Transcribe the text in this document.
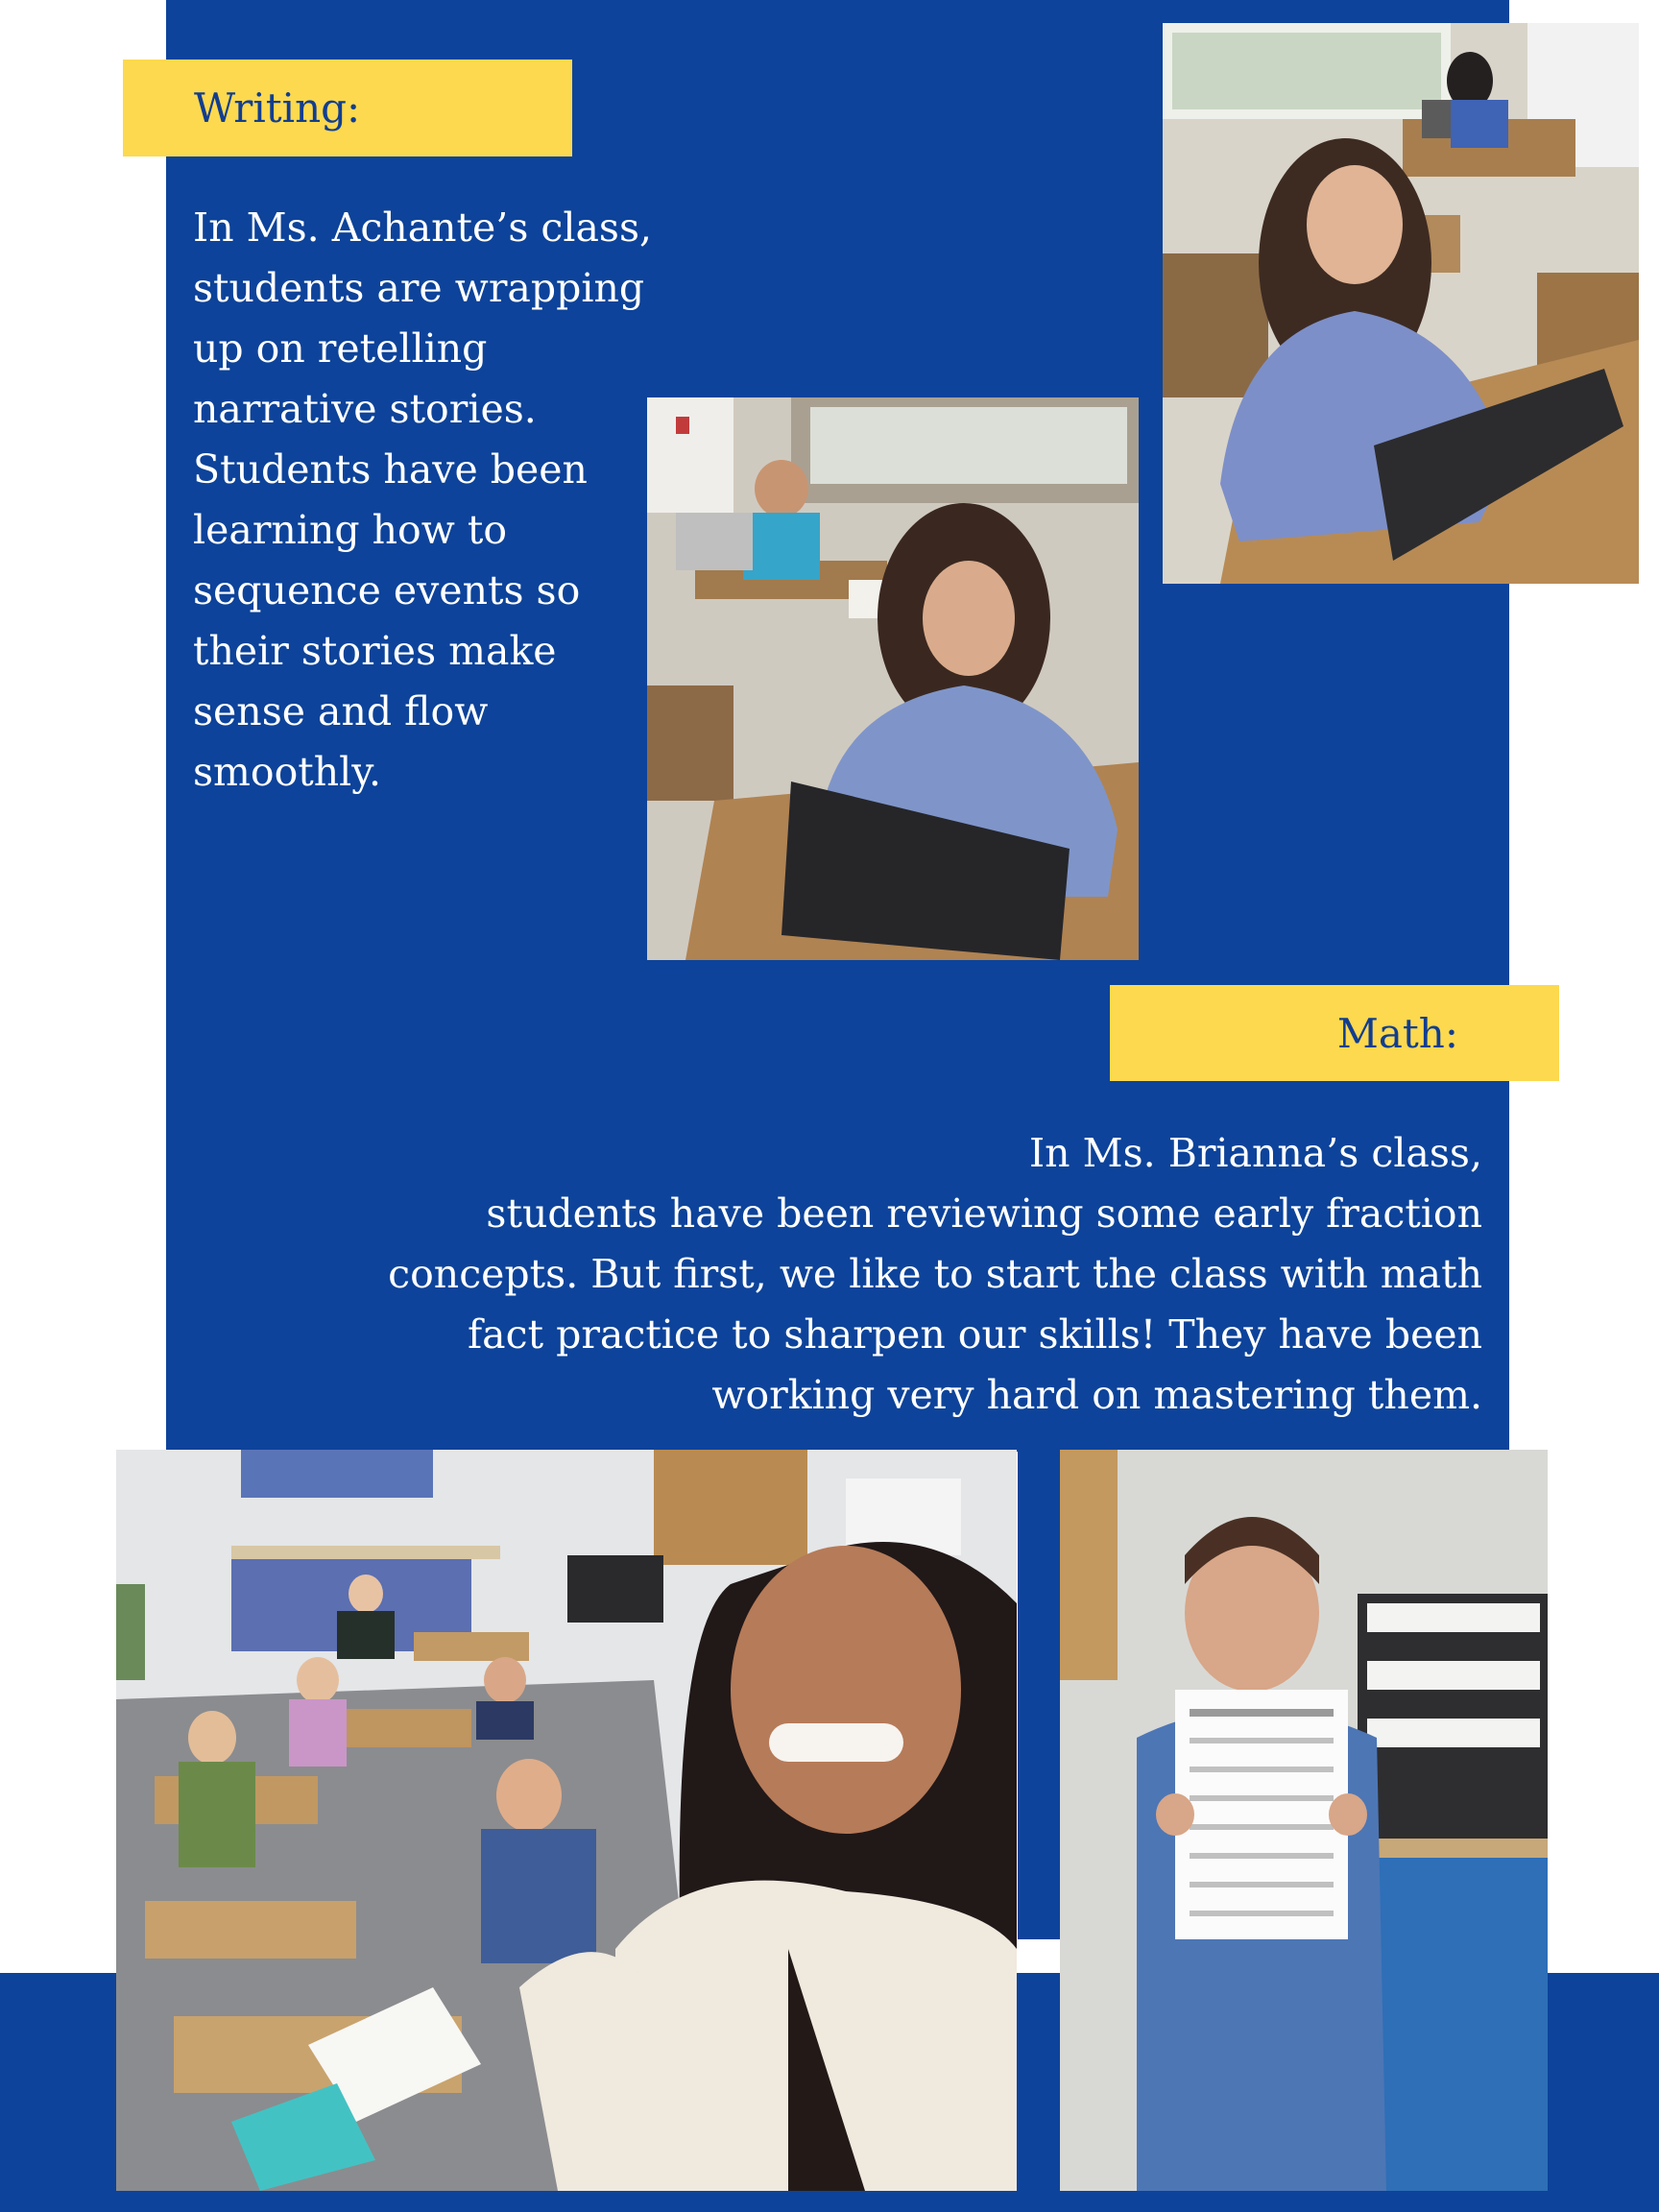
Writing:

In Ms. Achante’s class,
students are wrapping
up on retelling
narrative stories.
Students have been
learning how to
sequence events so
their stories make
sense and flow
smoothly.

Math:

In Ms. Brianna’s class,
students have been reviewing some early fraction
concepts. But first, we like to start the class with math
fact practice to sharpen our skills! They have been
working very hard on mastering them.
